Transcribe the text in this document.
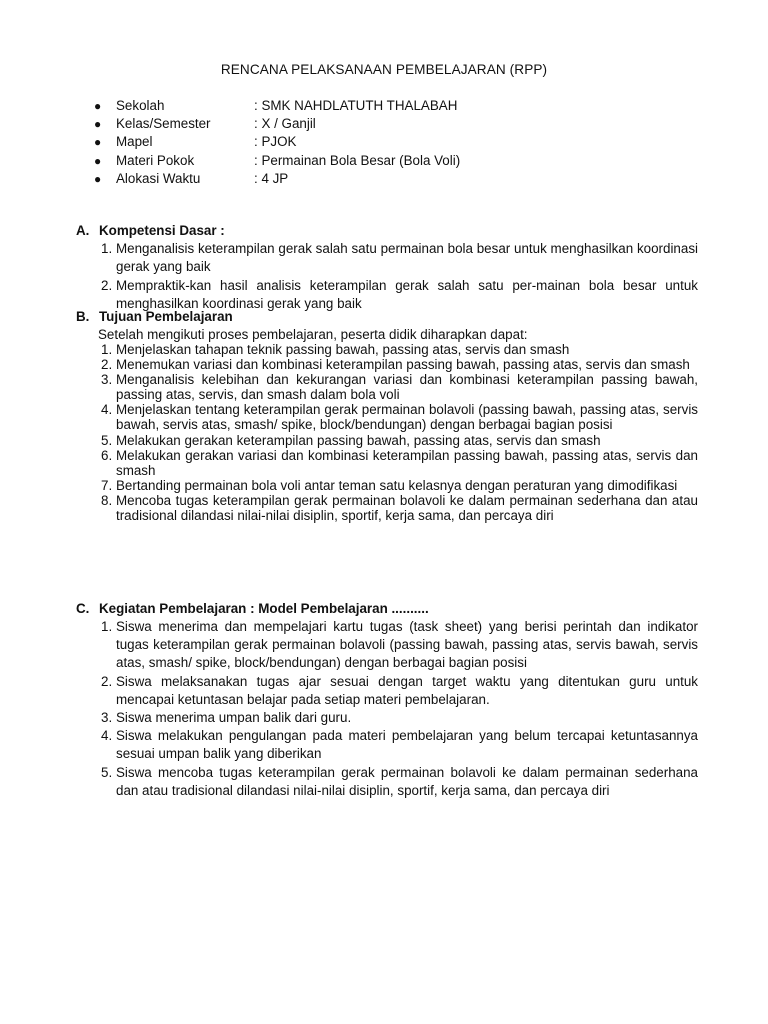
RENCANA PELAKSANAAN PEMBELAJARAN (RPP)
● Sekolah	: SMK NAHDLATUTH THALABAH
● Kelas/Semester	: X / Ganjil
● Mapel	: PJOK
● Materi Pokok	: Permainan Bola Besar (Bola Voli)
● Alokasi Waktu	: 4 JP
A. Kompetensi Dasar :
1. Menganalisis keterampilan gerak salah satu permainan bola besar untuk menghasilkan koordinasi gerak yang baik
2. Mempraktik-kan hasil analisis keterampilan gerak salah satu per-mainan bola besar untuk menghasilkan koordinasi gerak yang baik
B. Tujuan Pembelajaran
Setelah mengikuti proses pembelajaran, peserta didik diharapkan dapat:
1. Menjelaskan tahapan teknik passing bawah, passing atas, servis dan smash
2. Menemukan variasi dan kombinasi keterampilan passing bawah, passing atas, servis dan smash
3. Menganalisis kelebihan dan kekurangan variasi dan kombinasi keterampilan passing bawah, passing atas, servis, dan smash dalam bola voli
4. Menjelaskan tentang keterampilan gerak permainan bolavoli (passing bawah, passing atas, servis bawah, servis atas, smash/ spike, block/bendungan) dengan berbagai bagian posisi
5. Melakukan gerakan keterampilan passing bawah, passing atas, servis dan smash
6. Melakukan gerakan variasi dan kombinasi keterampilan passing bawah, passing atas, servis dan smash
7. Bertanding permainan bola voli antar teman satu kelasnya dengan peraturan yang dimodifikasi
8. Mencoba tugas keterampilan gerak permainan bolavoli ke dalam permainan sederhana dan atau tradisional dilandasi nilai-nilai disiplin, sportif, kerja sama, dan percaya diri
C. Kegiatan Pembelajaran : Model Pembelajaran ..........
1. Siswa menerima dan mempelajari kartu tugas (task sheet) yang berisi perintah dan indikator tugas keterampilan gerak permainan bolavoli (passing bawah, passing atas, servis bawah, servis atas, smash/ spike, block/bendungan) dengan berbagai bagian posisi
2. Siswa melaksanakan tugas ajar sesuai dengan target waktu yang ditentukan guru untuk mencapai ketuntasan belajar pada setiap materi pembelajaran.
3. Siswa menerima umpan balik dari guru.
4. Siswa melakukan pengulangan pada materi pembelajaran yang belum tercapai ketuntasannya sesuai umpan balik yang diberikan
5. Siswa mencoba tugas keterampilan gerak permainan bolavoli ke dalam permainan sederhana dan atau tradisional dilandasi nilai-nilai disiplin, sportif, kerja sama, dan percaya diri
